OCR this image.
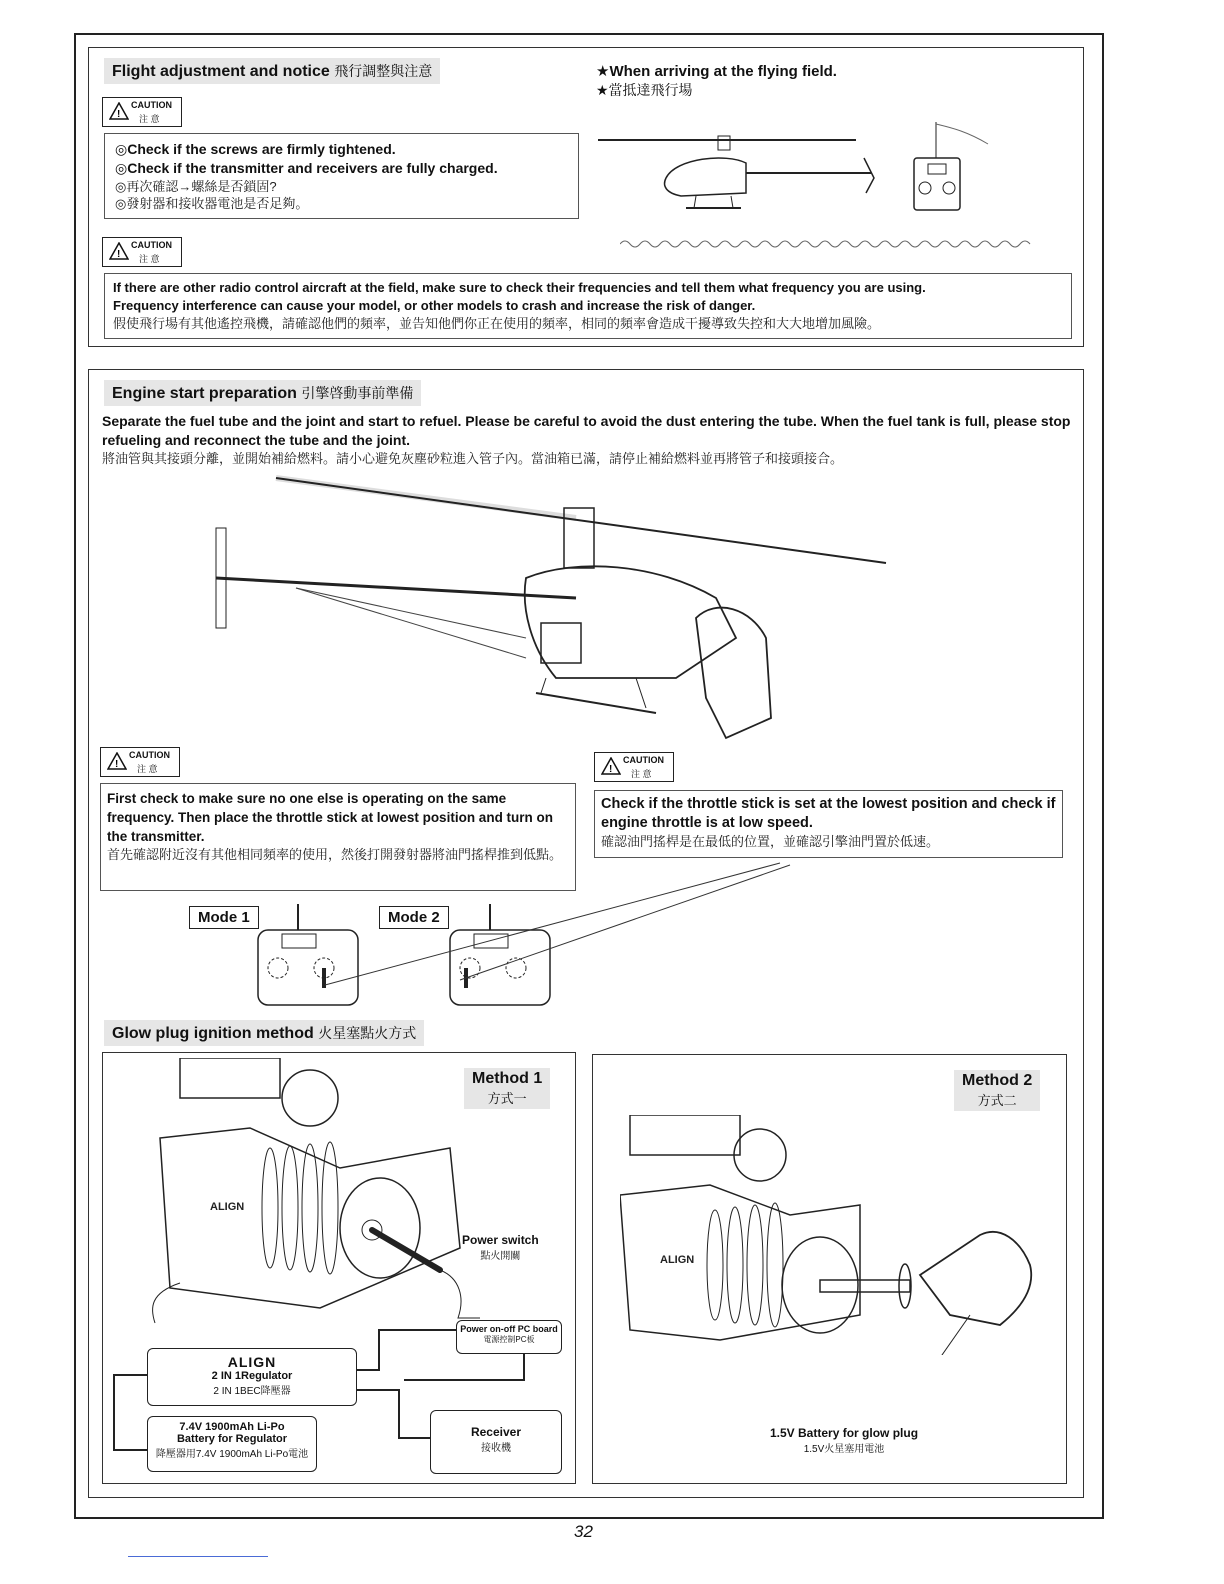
Flight adjustment and notice 飛行調整與注意
!
CAUTION
注 意
◎Check if the screws are firmly tightened.
◎Check if the transmitter and receivers are fully charged.
◎再次確認→螺絲是否鎖固?
◎發射器和接收器電池是否足夠。
★When arriving at the flying field.
★當抵達飛行場
!
CAUTION
注 意
If there are other radio control aircraft at the field, make sure to check their frequencies and tell them what frequency you are using.
Frequency interference can cause your model, or other models to crash and increase the risk of danger.
假使飛行場有其他遙控飛機，請確認他們的頻率，並告知他們你正在使用的頻率，相同的頻率會造成干擾導致失控和大大地增加風險。
Engine start preparation 引擎啓動事前準備
Separate the fuel tube and the joint and start to refuel. Please be careful to avoid the dust entering the tube. When the fuel tank is full, please stop refueling and reconnect the tube and the joint.
將油管與其接頭分離，並開始補給燃料。請小心避免灰塵砂粒進入管子內。當油箱已滿，請停止補給燃料並再將管子和接頭接合。
!
CAUTION
注 意	!
CAUTION
注 意
First check to make sure no one else is operating on the same frequency. Then place the throttle stick at lowest position and turn on the transmitter.
首先確認附近沒有其他相同頻率的使用，然後打開發射器將油門搖桿推到低點。
Check if the throttle stick is set at the lowest position and check if engine throttle is at low speed.
確認油門搖桿是在最低的位置，並確認引擎油門置於低速。
Mode 1	Mode 2
Glow plug ignition method 火星塞點火方式
Method 1
方式一
Method 2
方式二
ALIGN
Power switch
點火開關
Power on-off PC board
電源控制PC板
ALIGN
2 IN 1Regulator
2 IN 1BEC降壓器
7.4V 1900mAh Li-Po
Battery for Regulator
降壓器用7.4V 1900mAh Li-Po電池
Receiver
接收機
ALIGN
1.5V Battery for glow plug
1.5V火星塞用電池
32
